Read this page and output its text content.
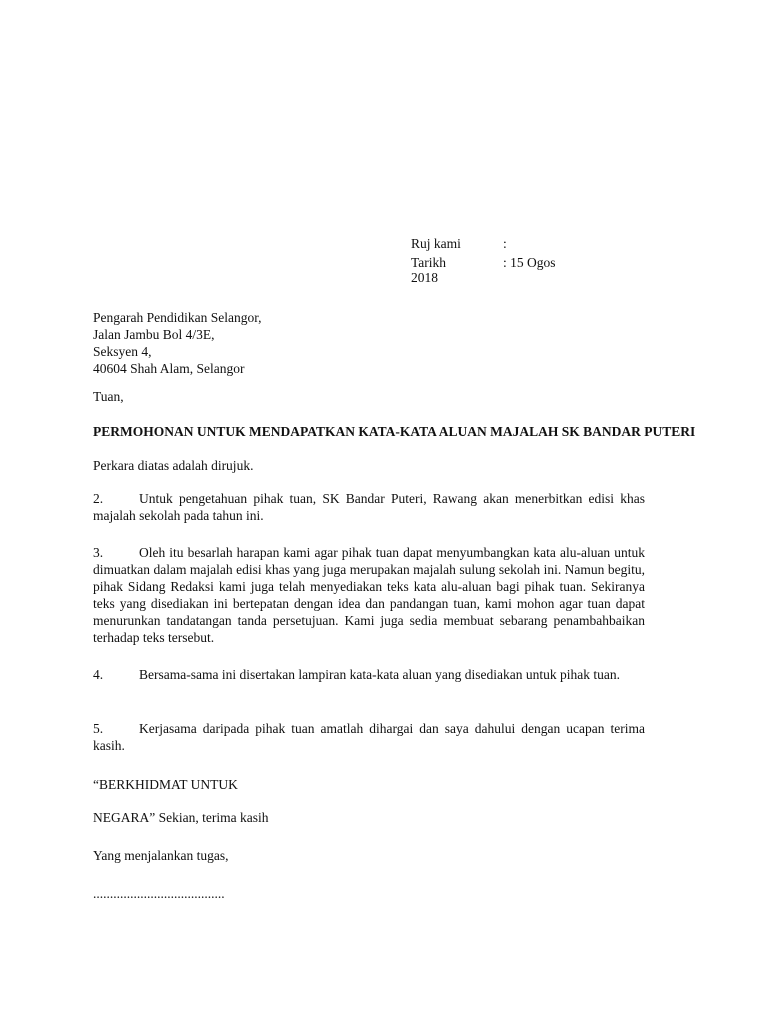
Ruj kami	:
Tarikh	: 15 Ogos
2018
Pengarah Pendidikan Selangor,
Jalan Jambu Bol 4/3E,
Seksyen 4,
40604 Shah Alam, Selangor
Tuan,
PERMOHONAN UNTUK MENDAPATKAN KATA-KATA ALUAN MAJALAH SK BANDAR PUTERI
Perkara diatas adalah dirujuk.
2.	Untuk pengetahuan pihak tuan, SK Bandar Puteri, Rawang akan menerbitkan edisi khas majalah sekolah pada tahun ini.
3.	Oleh itu besarlah harapan kami agar pihak tuan dapat menyumbangkan kata alu-aluan untuk dimuatkan dalam majalah edisi khas yang juga merupakan majalah sulung sekolah ini. Namun begitu, pihak Sidang Redaksi kami juga telah menyediakan teks kata alu-aluan bagi pihak tuan. Sekiranya teks yang disediakan ini bertepatan dengan idea dan pandangan tuan, kami mohon agar tuan dapat menurunkan tandatangan tanda persetujuan. Kami juga sedia membuat sebarang penambahbaikan terhadap teks tersebut.
4.	Bersama-sama ini disertakan lampiran kata-kata aluan yang disediakan untuk pihak tuan.
5.	Kerjasama daripada pihak tuan amatlah dihargai dan saya dahului dengan ucapan terima kasih.
“BERKHIDMAT UNTUK
NEGARA” Sekian, terima kasih
Yang menjalankan tugas,
.......................................
